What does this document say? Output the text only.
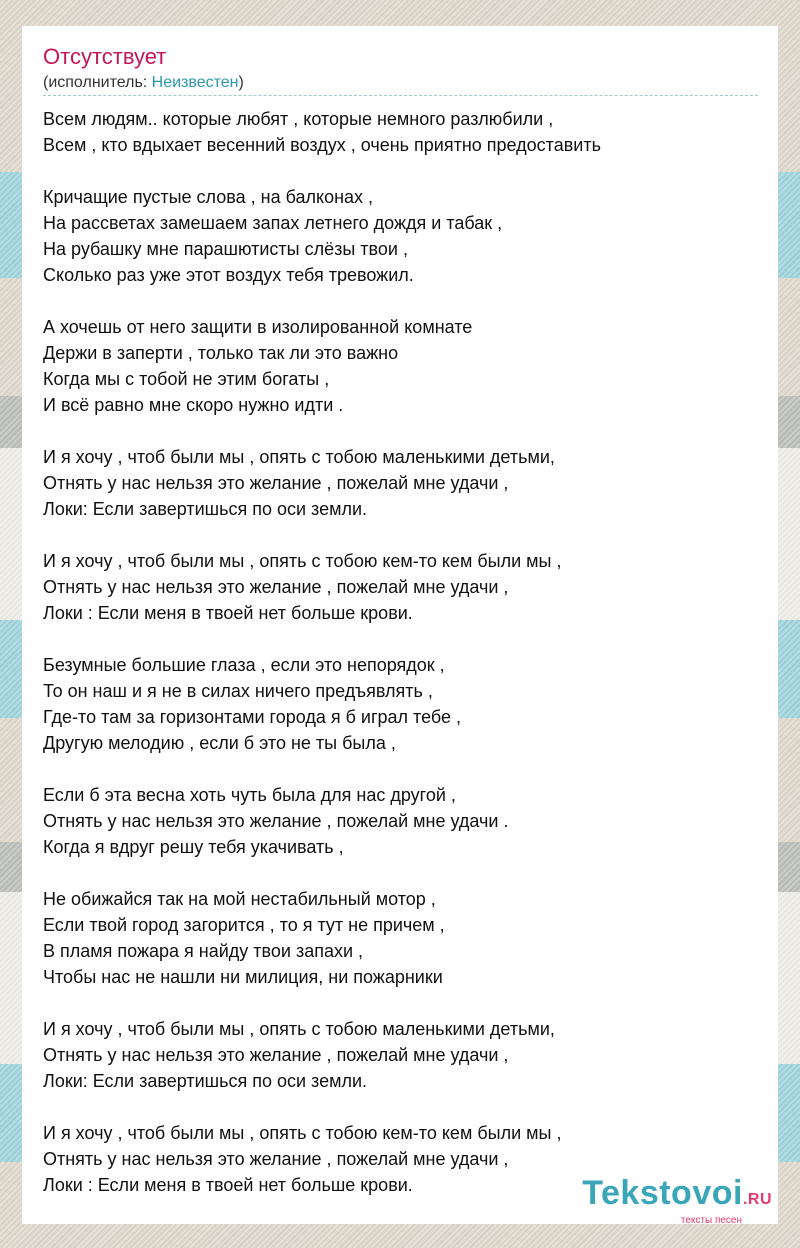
Отсутствует
(исполнитель: Неизвестен)
Всем людям.. которые любят , которые немного разлюбили ,
Всем , кто вдыхает весенний воздух , очень приятно предоставить
Кричащие пустые слова , на балконах ,
На рассветах замешаем запах летнего дождя и табак ,
На рубашку мне парашютисты слёзы твои ,
Сколько раз уже этот воздух тебя тревожил.
А хочешь от него защити в изолированной комнате
Держи в заперти , только так ли это важно
Когда мы с тобой не этим богаты ,
И всё равно мне скоро нужно идти .
И я хочу , чтоб были мы , опять с тобою маленькими детьми,
Отнять у нас нельзя это желание , пожелай мне удачи ,
Локи: Если завертишься по оси земли.
И я хочу , чтоб были мы , опять с тобою кем-то кем были мы ,
Отнять у нас нельзя это желание , пожелай мне удачи ,
Локи : Если меня в твоей нет больше крови.
Безумные большие глаза , если это непорядок ,
То он наш и я не в силах ничего предъявлять ,
Где-то там за горизонтами города я б играл тебе ,
Другую мелодию , если б это не ты была ,
Если б эта весна хоть чуть была для нас другой ,
Отнять у нас нельзя это желание , пожелай мне удачи .
Когда я вдруг решу тебя укачивать ,
Не обижайся так на мой нестабильный мотор ,
Если твой город загорится , то я тут не причем ,
В пламя пожара я найду твои запахи ,
Чтобы нас не нашли ни милиция, ни пожарники
И я хочу , чтоб были мы , опять с тобою маленькими детьми,
Отнять у нас нельзя это желание , пожелай мне удачи ,
Локи: Если завертишься по оси земли.
И я хочу , чтоб были мы , опять с тобою кем-то кем были мы ,
Отнять у нас нельзя это желание , пожелай мне удачи ,
Локи : Если меня в твоей нет больше крови.	Tekstovoi.RU
тексты песен
